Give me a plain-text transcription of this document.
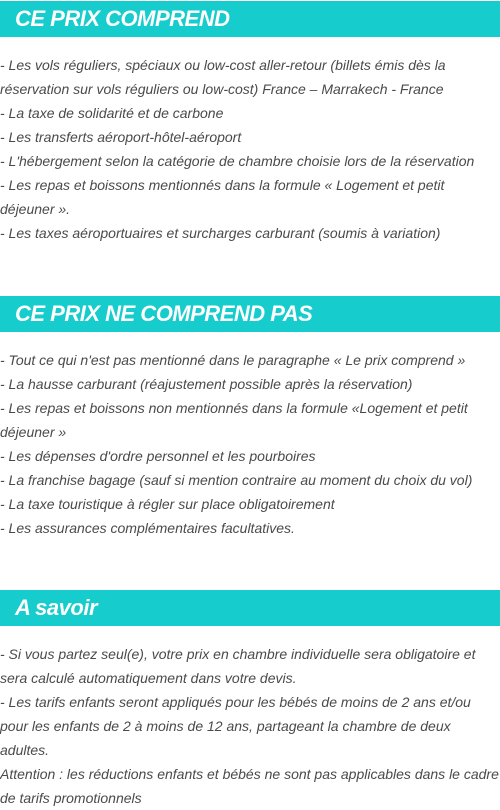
CE PRIX COMPREND

- Les vols réguliers, spéciaux ou low-cost aller-retour (billets émis dès la réservation sur vols réguliers ou low-cost) France – Marrakech - France

- La taxe de solidarité et de carbone

- Les transferts aéroport-hôtel-aéroport

- L'hébergement selon la catégorie de chambre choisie lors de la réservation

- Les repas et boissons mentionnés dans la formule « Logement et petit déjeuner ».

- Les taxes aéroportuaires et surcharges carburant (soumis à variation)

CE PRIX NE COMPREND PAS

- Tout ce qui n'est pas mentionné dans le paragraphe « Le prix comprend »

- La hausse carburant (réajustement possible après la réservation)

- Les repas et boissons non mentionnés dans la formule «Logement et petit déjeuner »

- Les dépenses d'ordre personnel et les pourboires

- La franchise bagage (sauf si mention contraire au moment du choix du vol)

- La taxe touristique à régler sur place obligatoirement

- Les assurances complémentaires facultatives.

A savoir

- Si vous partez seul(e), votre prix en chambre individuelle sera obligatoire et sera calculé automatiquement dans votre devis.

- Les tarifs enfants seront appliqués pour les bébés de moins de 2 ans et/ou pour les enfants de 2 à moins de 12 ans, partageant la chambre de deux adultes.

Attention : les réductions enfants et bébés ne sont pas applicables dans le cadre de tarifs promotionnels
